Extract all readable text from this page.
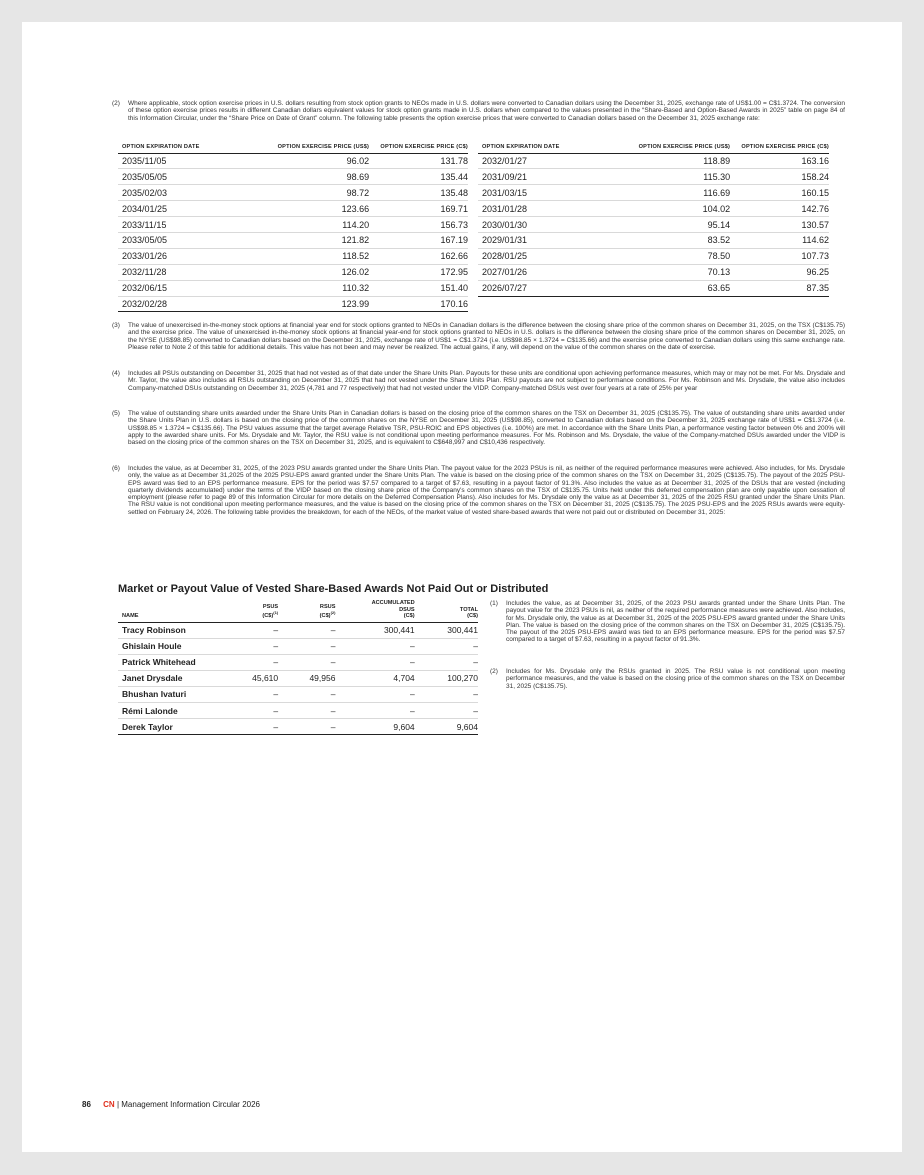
(2) Where applicable, stock option exercise prices in U.S. dollars resulting from stock option grants to NEOs made in U.S. dollars were converted to Canadian dollars using the December 31, 2025, exchange rate of US$1.00 = C$1.3724. The conversion of these option exercise prices results in different Canadian dollars equivalent values for stock option grants made in U.S. dollars when compared to the values presented in the “Share-Based and Option-Based Awards in 2025” table on page 84 of this Information Circular, under the “Share Price on Date of Grant” column. The following table presents the option exercise prices that were converted to Canadian dollars based on the December 31, 2025 exchange rate:
OPTION EXPIRATION DATE	OPTION EXERCISE PRICE (US$)	OPTION EXERCISE PRICE (C$)
2035/11/05	96.02	131.78
2035/05/05	98.69	135.44
2035/02/03	98.72	135.48
2034/01/25	123.66	169.71
2033/11/15	114.20	156.73
2033/05/05	121.82	167.19
2033/01/26	118.52	162.66
2032/11/28	126.02	172.95
2032/06/15	110.32	151.40
2032/02/28	123.99	170.16
OPTION EXPIRATION DATE	OPTION EXERCISE PRICE (US$)	OPTION EXERCISE PRICE (C$)
2032/01/27	118.89	163.16
2031/09/21	115.30	158.24
2031/03/15	116.69	160.15
2031/01/28	104.02	142.76
2030/01/30	95.14	130.57
2029/01/31	83.52	114.62
2028/01/25	78.50	107.73
2027/01/26	70.13	96.25
2026/07/27	63.65	87.35
(3) The value of unexercised in-the-money stock options at financial year end for stock options granted to NEOs in Canadian dollars is the difference between the closing share price of the common shares on December 31, 2025, on the TSX (C$135.75) and the exercise price. The value of unexercised in-the-money stock options at financial year-end for stock options granted to NEOs in U.S. dollars is the difference between the closing share price of the common shares on December 31, 2025, on the NYSE (US$98.85) converted to Canadian dollars based on the December 31, 2025, exchange rate of US$1 = C$1.3724 (i.e. US$98.85 × 1.3724 = C$135.66) and the exercise price converted to Canadian dollars using this same exchange rate. Please refer to Note 2 of this table for additional details. This value has not been and may never be realized. The actual gains, if any, will depend on the value of the common shares on the date of exercise.
(4) Includes all PSUs outstanding on December 31, 2025 that had not vested as of that date under the Share Units Plan. Payouts for these units are conditional upon achieving performance measures, which may or may not be met. For Ms. Drysdale and Mr. Taylor, the value also includes all RSUs outstanding on December 31, 2025 that had not vested under the Share Units Plan. RSU payouts are not subject to performance conditions. For Ms. Robinson and Ms. Drysdale, the value also includes Company-matched DSUs outstanding on December 31, 2025 (4,781 and 77 respectively) that had not vested under the VIDP. Company-matched DSUs vest over four years at a rate of 25% per year
(5) The value of outstanding share units awarded under the Share Units Plan in Canadian dollars is based on the closing price of the common shares on the TSX on December 31, 2025 (C$135.75). The value of outstanding share units awarded under the Share Units Plan in U.S. dollars is based on the closing price of the common shares on the NYSE on December 31, 2025 (US$98.85), converted to Canadian dollars based on the December 31, 2025 exchange rate of US$1 = C$1.3724 (i.e. US$98.85 × 1.3724 = C$135.66). The PSU values assume that the target average Relative TSR, PSU-ROIC and EPS objectives (i.e. 100%) are met. In accordance with the Share Units Plan, a performance vesting factor between 0% and 200% will apply to the awarded share units. For Ms. Drysdale and Mr. Taylor, the RSU value is not conditional upon meeting performance measures. For Ms. Robinson and Ms. Drysdale, the value of the Company-matched DSUs awarded under the VIDP is based on the closing price of the common shares on the TSX on December 31, 2025, and is equivalent to C$648,997 and C$10,436 respectively.
(6) Includes the value, as at December 31, 2025, of the 2023 PSU awards granted under the Share Units Plan. The payout value for the 2023 PSUs is nil, as neither of the required performance measures were achieved. Also includes, for Ms. Drysdale only, the value as at December 31,2025 of the 2025 PSU-EPS award granted under the Share Units Plan. The value is based on the closing price of the common shares on the TSX on December 31, 2025 (C$135.75). The payout of the 2025 PSU-EPS award was tied to an EPS performance measure. EPS for the period was $7.57 compared to a target of $7.63, resulting in a payout factor of 91.3%. Also includes the value as at December 31, 2025 of the DSUs that are vested (including quarterly dividends accumulated) under the terms of the VIDP based on the closing share price of the Company's common shares on the TSX of C$135.75. Units held under this deferred compensation plan are only payable upon cessation of employment (please refer to page 89 of this Information Circular for more details on the Deferred Compensation Plans). Also includes for Ms. Drysdale only the value as at December 31, 2025 of the 2025 RSU granted under the Share Units Plan. The RSU value is not conditional upon meeting performance measures, and the value is based on the closing price of the common shares on the TSX on December 31, 2025 (C$135.75). The 2025 PSU-EPS and the 2025 RSUs awards were equity- settled on February 24, 2026. The following table provides the breakdown, for each of the NEOs, of the market value of vested share-based awards that were not paid out or distributed on December 31, 2025:
Market or Payout Value of Vested Share-Based Awards Not Paid Out or Distributed
NAME	PSUS
(C$)$^{(1)}$	RSUS
(C$)$^{(2)}$	ACCUMULATED
DSUS
(C$)	TOTAL
(C$)
Tracy Robinson	–	–	300,441	300,441
Ghislain Houle	–	–	–	–
Patrick Whitehead	–	–	–	–
Janet Drysdale	45,610	49,956	4,704	100,270
Bhushan Ivaturi	–	–	–	–
Rémi Lalonde	–	–	–	–
Derek Taylor	–	–	9,604	9,604
(1) Includes the value, as at December 31, 2025, of the 2023 PSU awards granted under the Share Units Plan. The payout value for the 2023 PSUs is nil, as neither of the required performance measures were achieved. Also includes, for Ms. Drysdale only, the value as at December 31, 2025 of the 2025 PSU-EPS award granted under the Share Units Plan. The value is based on the closing price of the common shares on the TSX on December 31, 2025 (C$135.75). The payout of the 2025 PSU-EPS award was tied to an EPS performance measure. EPS for the period was $7.57 compared to a target of $7.63, resulting in a payout factor of 91.3%.
(2) Includes for Ms. Drysdale only the RSUs granted in 2025. The RSU value is not conditional upon meeting performance measures, and the value is based on the closing price of the common shares on the TSX on December 31, 2025 (C$135.75).
86 CN | Management Information Circular 2026
